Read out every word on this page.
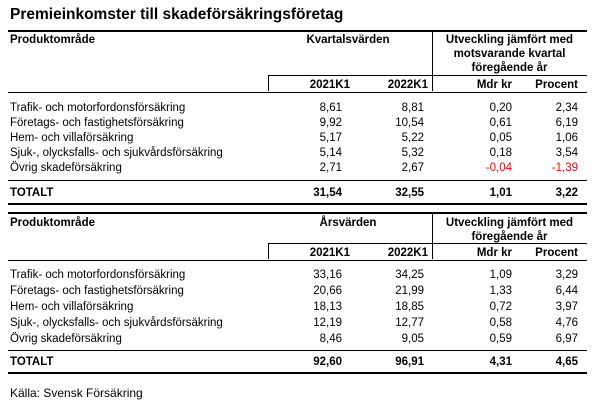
Premieinkomster till skadeförsäkringsföretag
Produktområde	Kvartalsvärden	Utveckling jämfört med
motsvarande kvartal
föregående år
2021K1	2022K1	Mdr kr	Procent
Trafik- och motorfordonsförsäkring	8,61	8,81	0,20	2,34
Företags- och fastighetsförsäkring	9,92	10,54	0,61	6,19
Hem- och villaförsäkring	5,17	5,22	0,05	1,06
Sjuk-, olycksfalls- och sjukvårdsförsäkring	5,14	5,32	0,18	3,54
Övrig skadeförsäkring	2,71	2,67	-0,04	-1,39
TOTALT	31,54	32,55	1,01	3,22
Produktområde	Årsvärden	Utveckling jämfört med
föregående år
2021K1	2022K1	Mdr kr	Procent
Trafik- och motorfordonsförsäkring	33,16	34,25	1,09	3,29
Företags- och fastighetsförsäkring	20,66	21,99	1,33	6,44
Hem- och villaförsäkring	18,13	18,85	0,72	3,97
Sjuk-, olycksfalls- och sjukvårdsförsäkring	12,19	12,77	0,58	4,76
Övrig skadeförsäkring	8,46	9,05	0,59	6,97
TOTALT	92,60	96,91	4,31	4,65
Källa: Svensk Försäkring
